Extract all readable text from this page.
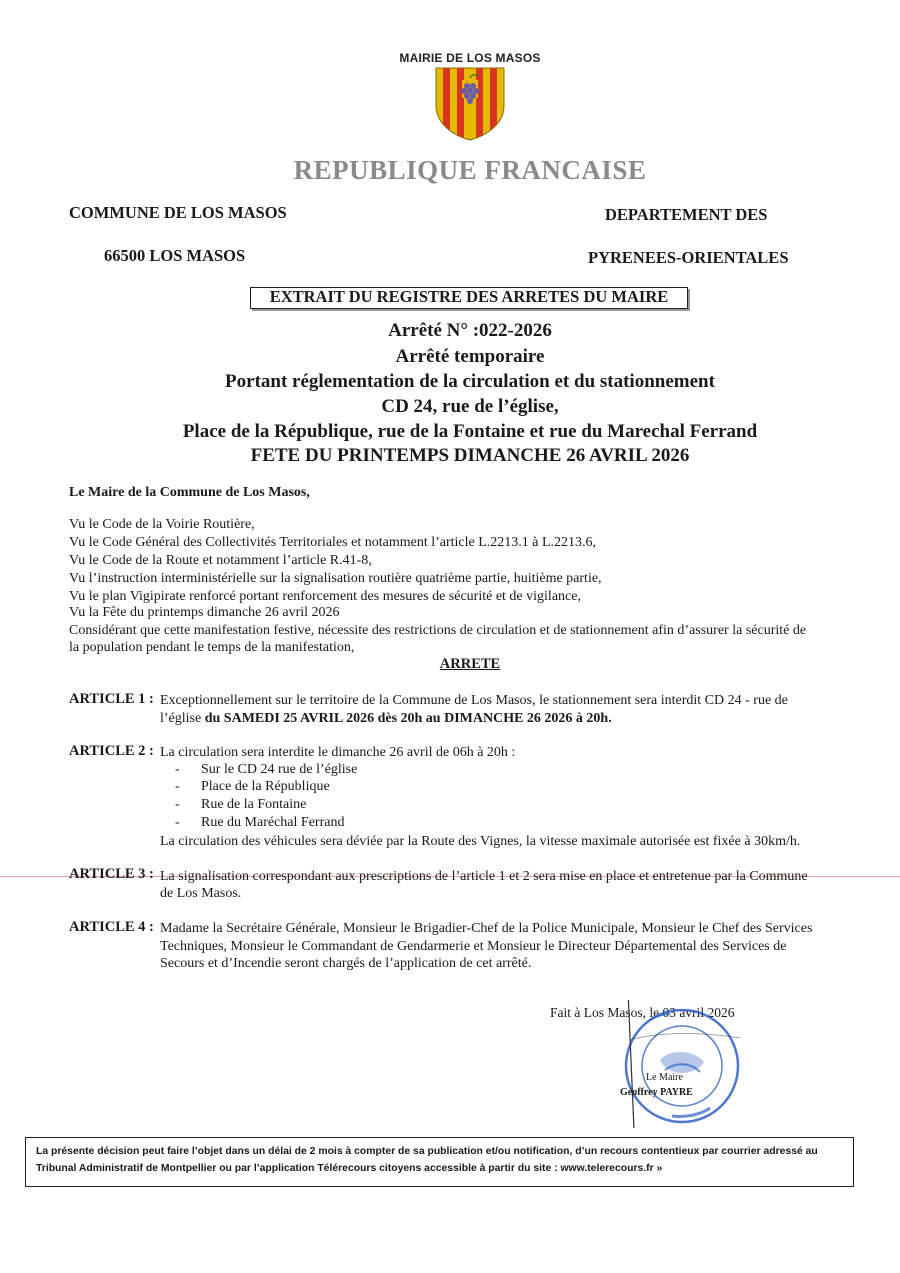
MAIRIE DE LOS MASOS
REPUBLIQUE FRANCAISE
COMMUNE DE LOS MASOS
66500 LOS MASOS
DEPARTEMENT DES
PYRENEES-ORIENTALES
EXTRAIT DU REGISTRE DES ARRETES DU MAIRE
Arrêté N° :022-2026
Arrêté temporaire
Portant réglementation de la circulation et du stationnement
CD 24, rue de l’église,
Place de la République, rue de la Fontaine et rue du Marechal Ferrand
FETE DU PRINTEMPS DIMANCHE 26 AVRIL 2026
Le Maire de la Commune de Los Masos,
Vu le Code de la Voirie Routière,
Vu le Code Général des Collectivités Territoriales et notamment l’article L.2213.1 à L.2213.6,
Vu le Code de la Route et notamment l’article R.41-8,
Vu l’instruction interministérielle sur la signalisation routière quatrième partie, huitième partie,
Vu le plan Vigipirate renforcé portant renforcement des mesures de sécurité et de vigilance,
Vu la Fête du printemps dimanche 26 avril 2026
Considérant que cette manifestation festive, nécessite des restrictions de circulation et de stationnement afin d’assurer la sécurité de
la population pendant le temps de la manifestation,
ARRETE
ARTICLE 1 : Exceptionnellement sur le territoire de la Commune de Los Masos, le stationnement sera interdit CD 24 - rue de
l’église du SAMEDI 25 AVRIL 2026 dès 20h au DIMANCHE 26 2026 à 20h.
ARTICLE 2 : La circulation sera interdite le dimanche 26 avril de 06h à 20h :
- Sur le CD 24 rue de l’église
- Place de la République
- Rue de la Fontaine
- Rue du Maréchal Ferrand
La circulation des véhicules sera déviée par la Route des Vignes, la vitesse maximale autorisée est fixée à 30km/h.
ARTICLE 3 : La signalisation correspondant aux prescriptions de l’article 1 et 2 sera mise en place et entretenue par la Commune
de Los Masos.
ARTICLE 4 : Madame la Secrétaire Générale, Monsieur le Brigadier-Chef de la Police Municipale, Monsieur le Chef des Services
Techniques, Monsieur le Commandant de Gendarmerie et Monsieur le Directeur Départemental des Services de
Secours et d’Incendie seront chargés de l’application de cet arrêté.
Fait à Los Masos, le 03 avril 2026
Le Maire
Geoffrey PAYRE
La présente décision peut faire l’objet dans un délai de 2 mois à compter de sa publication et/ou notification, d’un recours contentieux par courrier adressé au
Tribunal Administratif de Montpellier ou par l’application Télérecours citoyens accessible à partir du site : www.telerecours.fr »
